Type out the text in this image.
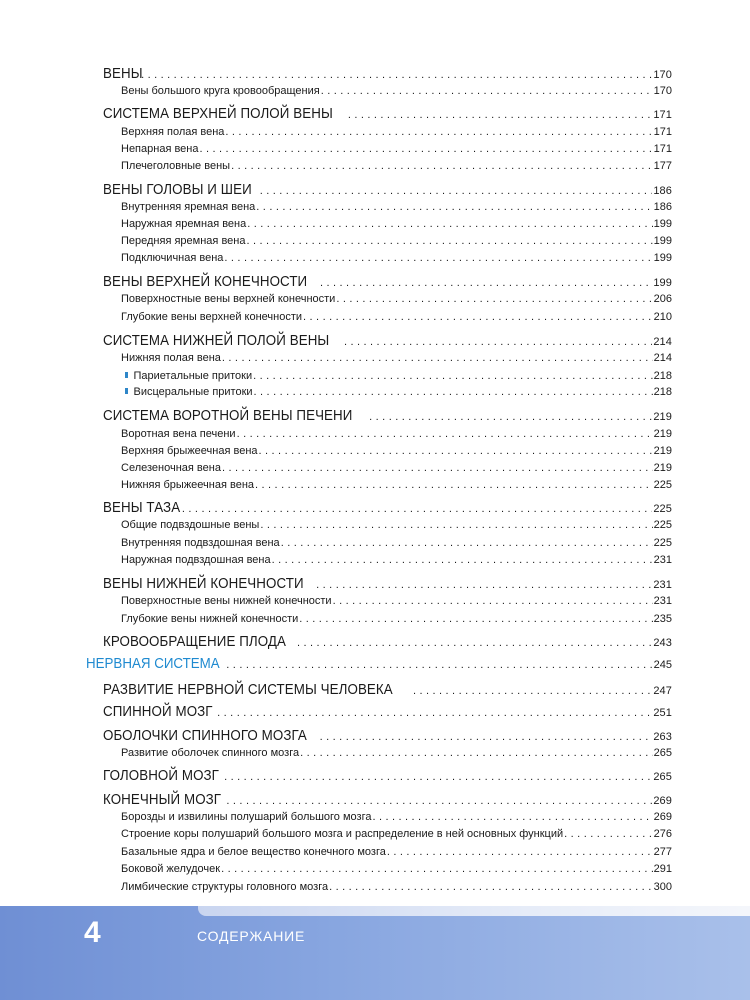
ВЕНЫ . . .	170
Вены большого круга кровообращения . . .	170
СИСТЕМА ВЕРХНЕЙ ПОЛОЙ ВЕНЫ . . .	171
Верхняя полая вена . . .	171
Непарная вена . . .	171
Плечеголовные вены . . .	177
ВЕНЫ ГОЛОВЫ И ШЕИ . . .	186
Внутренняя яремная вена . . .	186
Наружная яремная вена . . .	199
Передняя яремная вена . . .	199
Подключичная вена . . .	199
ВЕНЫ ВЕРХНЕЙ КОНЕЧНОСТИ . . .	199
Поверхностные вены верхней конечности . . .	206
Глубокие вены верхней конечности . . .	210
СИСТЕМА НИЖНЕЙ ПОЛОЙ ВЕНЫ . . .	214
Нижняя полая вена . . .	214
Париетальные притоки . . .	218
Висцеральные притоки . . .	218
СИСТЕМА ВОРОТНОЙ ВЕНЫ ПЕЧЕНИ . . .	219
Воротная вена печени . . .	219
Верхняя брыжеечная вена . . .	219
Селезеночная вена . . .	219
Нижняя брыжеечная вена . . .	225
ВЕНЫ ТАЗА . . .	225
Общие подвздошные вены . . .	225
Внутренняя подвздошная вена . . .	225
Наружная подвздошная вена . . .	231
ВЕНЫ НИЖНЕЙ КОНЕЧНОСТИ . . .	231
Поверхностные вены нижней конечности . . .	231
Глубокие вены нижней конечности . . .	235
КРОВООБРАЩЕНИЕ ПЛОДА . . .	243
НЕРВНАЯ СИСТЕМА . . .	245
РАЗВИТИЕ НЕРВНОЙ СИСТЕМЫ ЧЕЛОВЕКА . . .	247
СПИННОЙ МОЗГ . . .	251
ОБОЛОЧКИ СПИННОГО МОЗГА . . .	263
Развитие оболочек спинного мозга . . .	265
ГОЛОВНОЙ МОЗГ . . .	265
КОНЕЧНЫЙ МОЗГ . . .	269
Борозды и извилины полушарий большого мозга . . .	269
Строение коры полушарий большого мозга и распределение в ней основных функций . . .	276
Базальные ядра и белое вещество конечного мозга . . .	277
Боковой желудочек . . .	291
Лимбические структуры головного мозга . . .	300
4	СОДЕРЖАНИЕ
